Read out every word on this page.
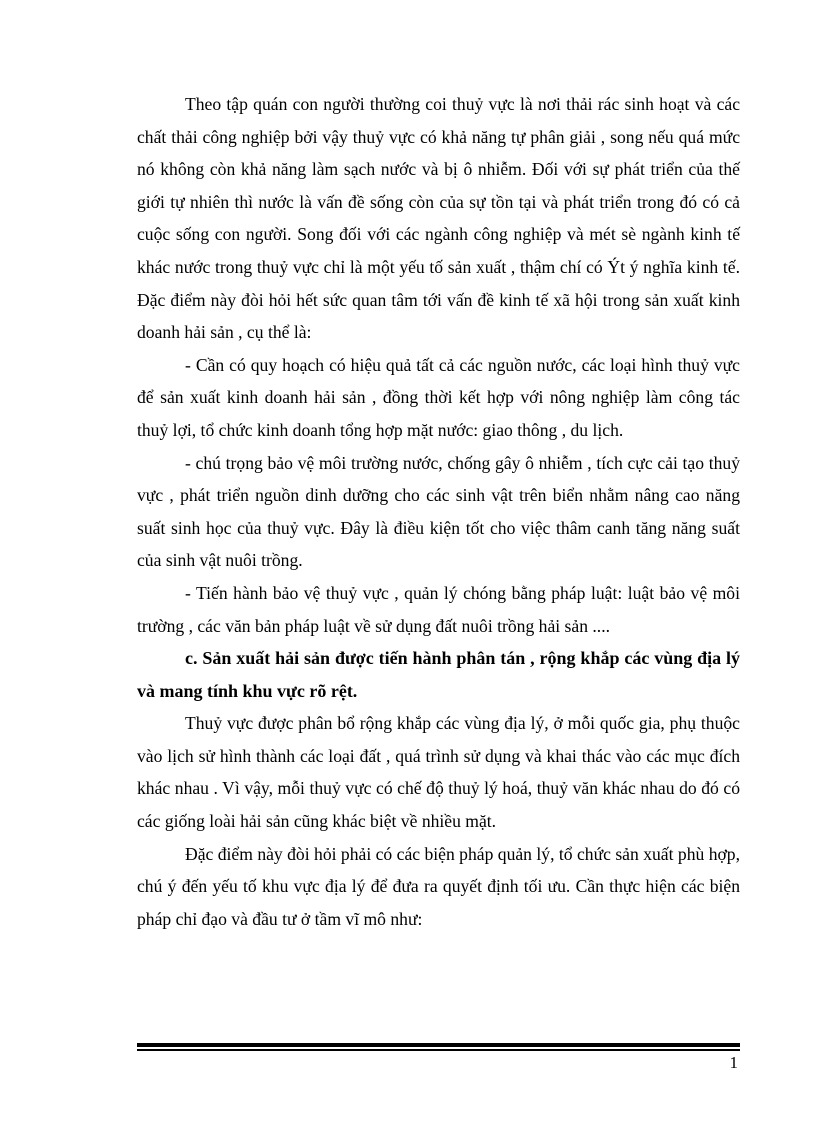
Theo tập quán con người thường coi thuỷ vực là nơi thải rác sinh hoạt và các chất thải công nghiệp bởi vậy thuỷ vực có khả năng tự phân giải , song nếu quá mức nó không còn khả năng làm sạch nước và bị ô nhiễm. Đối với sự phát triển của thế giới tự nhiên thì nước là vấn đề sống còn của sự tồn tại và phát triển trong đó có cả cuộc sống con người. Song đối với các ngành công nghiệp và mét sè ngành kinh tế khác nước trong thuỷ vực chỉ là một yếu tố sản xuất , thậm chí có Ýt ý nghĩa kinh tế. Đặc điểm này đòi hỏi hết sức quan tâm tới vấn đề kinh tế xã hội trong sản xuất kinh doanh hải sản , cụ thể là:

- Cần có quy hoạch có hiệu quả tất cả các nguồn nước, các loại hình thuỷ vực để sản xuất kinh doanh hải sản , đồng thời kết hợp với nông nghiệp làm công tác thuỷ lợi, tổ chức kinh doanh tổng hợp mặt nước: giao thông , du lịch.

- chú trọng bảo vệ môi trường nước, chống gây ô nhiễm , tích cực cải tạo thuỷ vực , phát triển nguồn dinh dưỡng cho các sinh vật trên biển nhằm nâng cao năng suất sinh học của thuỷ vực. Đây là điều kiện tốt cho việc thâm canh tăng năng suất của sinh vật nuôi trồng.

- Tiến hành bảo vệ thuỷ vực , quản lý chóng bằng pháp luật: luật bảo vệ môi trường , các văn bản pháp luật về sử dụng đất nuôi trồng hải sản ....

c. Sản xuất hải sản được tiến hành phân tán , rộng khắp các vùng địa lý và mang tính khu vực rõ rệt.

Thuỷ vực được phân bổ rộng khắp các vùng địa lý, ở mỗi quốc gia, phụ thuộc vào lịch sử hình thành các loại đất , quá trình sử dụng và khai thác vào các mục đích khác nhau . Vì vậy, mỗi thuỷ vực có chế độ thuỷ lý hoá, thuỷ văn khác nhau do đó có các giống loài hải sản cũng khác biệt về nhiều mặt.

Đặc điểm này đòi hỏi phải có các biện pháp quản lý, tổ chức sản xuất phù hợp, chú ý đến yếu tố khu vực địa lý để đưa ra quyết định tối ưu. Cần thực hiện các biện pháp chỉ đạo và đầu tư ở tầm vĩ mô như:

1
